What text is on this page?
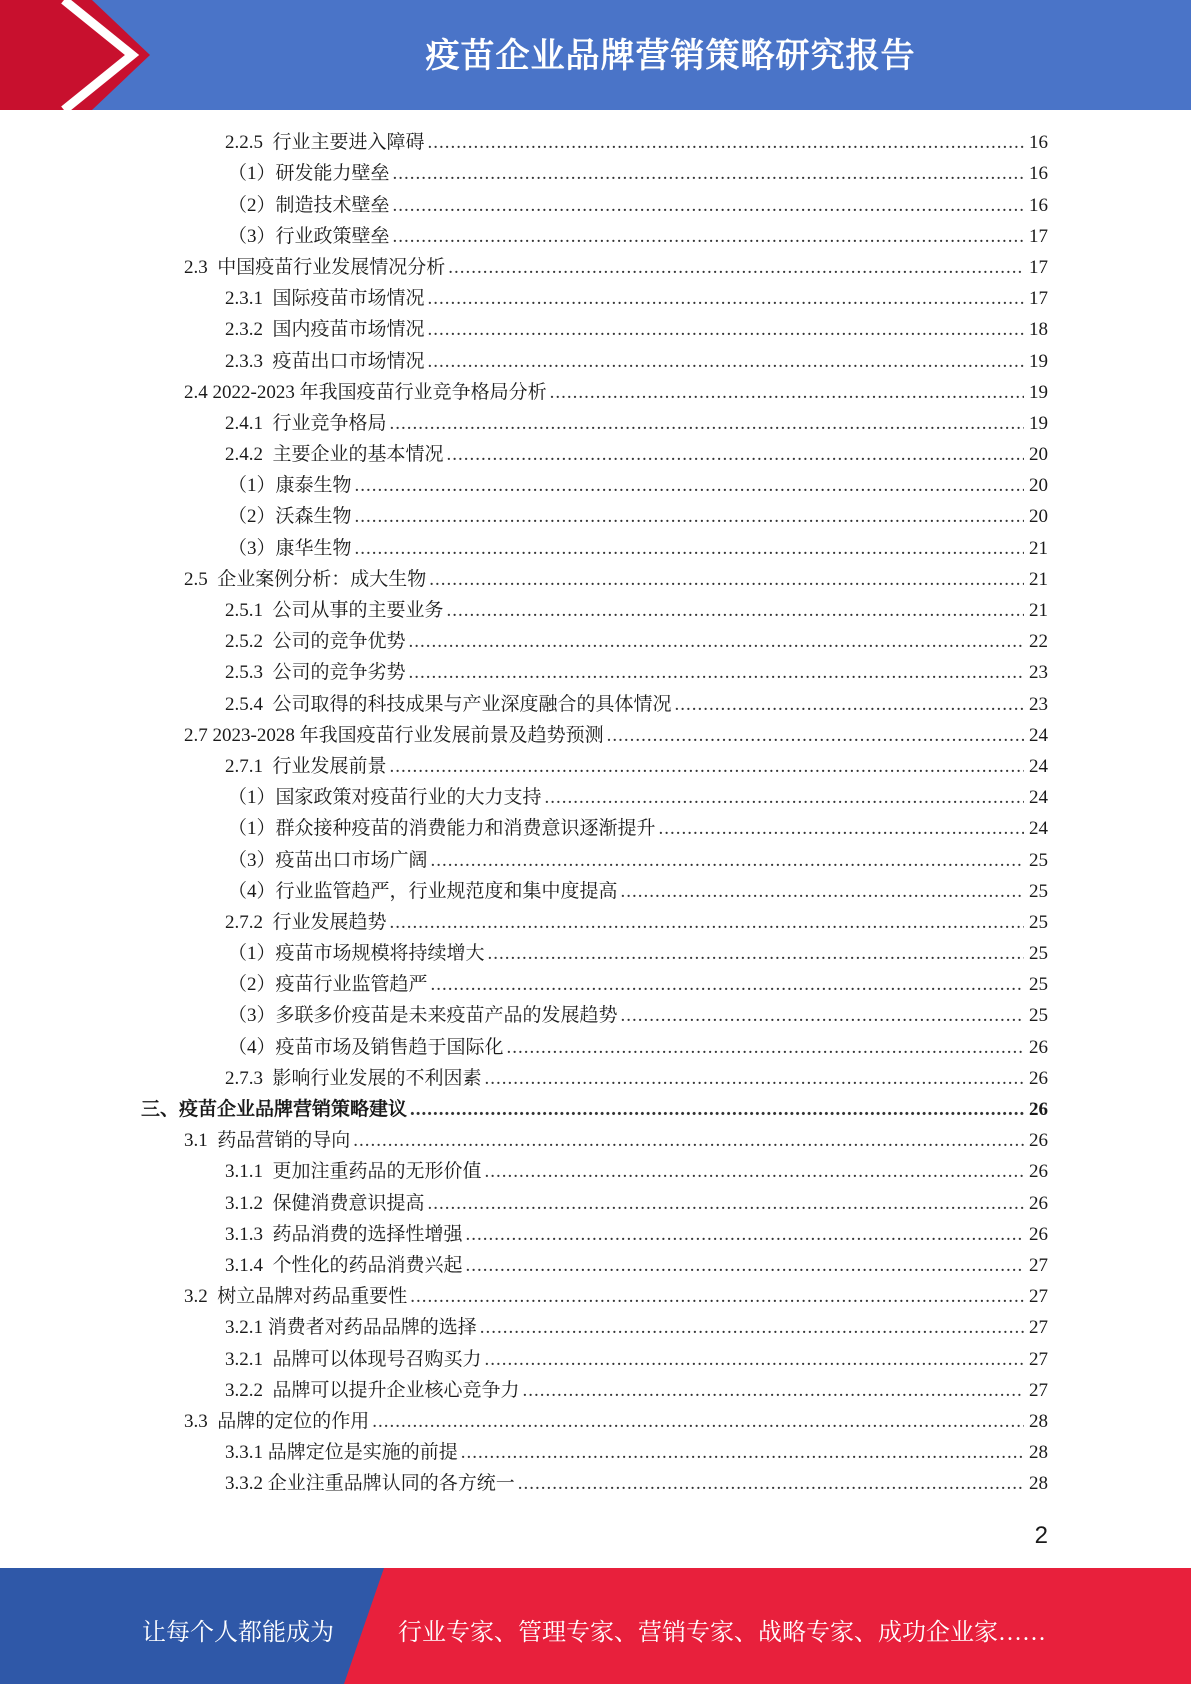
疫苗企业品牌营销策略研究报告
2.2.5  行业主要进入障碍 .....	16
（1）研发能力壁垒 .....	16
（2）制造技术壁垒 .....	16
（3）行业政策壁垒 .....	17
2.3  中国疫苗行业发展情况分析 .....	17
2.3.1  国际疫苗市场情况 .....	17
2.3.2  国内疫苗市场情况 .....	18
2.3.3  疫苗出口市场情况 .....	19
2.4 2022-2023 年我国疫苗行业竞争格局分析 .....	19
2.4.1  行业竞争格局 .....	19
2.4.2  主要企业的基本情况 .....	20
（1）康泰生物 .....	20
（2）沃森生物 .....	20
（3）康华生物 .....	21
2.5  企业案例分析：成大生物 .....	21
2.5.1  公司从事的主要业务 .....	21
2.5.2  公司的竞争优势 .....	22
2.5.3  公司的竞争劣势 .....	23
2.5.4  公司取得的科技成果与产业深度融合的具体情况 .....	23
2.7 2023-2028 年我国疫苗行业发展前景及趋势预测 .....	24
2.7.1  行业发展前景 .....	24
（1）国家政策对疫苗行业的大力支持 .....	24
（1）群众接种疫苗的消费能力和消费意识逐渐提升 .....	24
（3）疫苗出口市场广阔 .....	25
（4）行业监管趋严，行业规范度和集中度提高 .....	25
2.7.2  行业发展趋势 .....	25
（1）疫苗市场规模将持续增大 .....	25
（2）疫苗行业监管趋严 .....	25
（3）多联多价疫苗是未来疫苗产品的发展趋势 .....	25
（4）疫苗市场及销售趋于国际化 .....	26
2.7.3  影响行业发展的不利因素 .....	26
三、疫苗企业品牌营销策略建议 .....	26
3.1  药品营销的导向 .....	26
3.1.1  更加注重药品的无形价值 .....	26
3.1.2  保健消费意识提高 .....	26
3.1.3  药品消费的选择性增强 .....	26
3.1.4  个性化的药品消费兴起 .....	27
3.2  树立品牌对药品重要性 .....	27
3.2.1 消费者对药品品牌的选择 .....	27
3.2.1  品牌可以体现号召购买力 .....	27
3.2.2  品牌可以提升企业核心竞争力 .....	27
3.3  品牌的定位的作用 .....	28
3.3.1 品牌定位是实施的前提 .....	28
3.3.2 企业注重品牌认同的各方统一 .....	28
2
让每个人都能成为	行业专家、管理专家、营销专家、战略专家、成功企业家……
